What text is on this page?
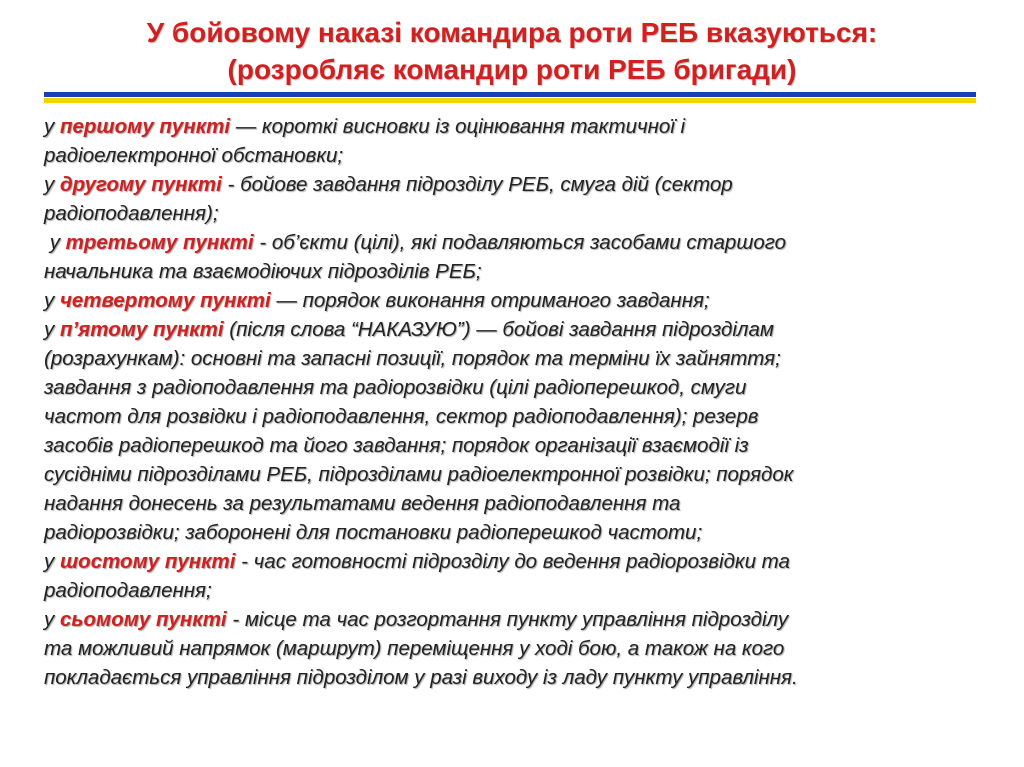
У бойовому наказі командира роти РЕБ вказуються:
(розробляє командир роти РЕБ бригади)
у першому пункті — короткі висновки із оцінювання тактичної і
радіоелектронної обстановки;
у другому пункті - бойове завдання підрозділу РЕБ, смуга дій (сектор
радіоподавлення);
у третьому пункті - об’єкти (цілі), які подавляються засобами старшого
начальника та взаємодіючих підрозділів РЕБ;
у четвертому пункті — порядок виконання отриманого завдання;
у п’ятому пункті (після слова “НАКАЗУЮ”) — бойові завдання підрозділам
(розрахункам): основні та запасні позиції, порядок та терміни їх зайняття;
завдання з радіоподавлення та радіорозвідки (цілі радіоперешкод, смуги
частот для розвідки і радіоподавлення, сектор радіоподавлення); резерв
засобів радіоперешкод та його завдання; порядок організації взаємодії із
сусідніми підрозділами РЕБ, підрозділами радіоелектронної розвідки; порядок
надання донесень за результатами ведення радіоподавлення та
радіорозвідки; заборонені для постановки радіоперешкод частоти;
у шостому пункті - час готовності підрозділу до ведення радіорозвідки та
радіоподавлення;
у сьомому пункті - місце та час розгортання пункту управління підрозділу
та можливий напрямок (маршрут) переміщення у ході бою, а також на кого
покладається управління підрозділом у разі виходу із ладу пункту управління.
